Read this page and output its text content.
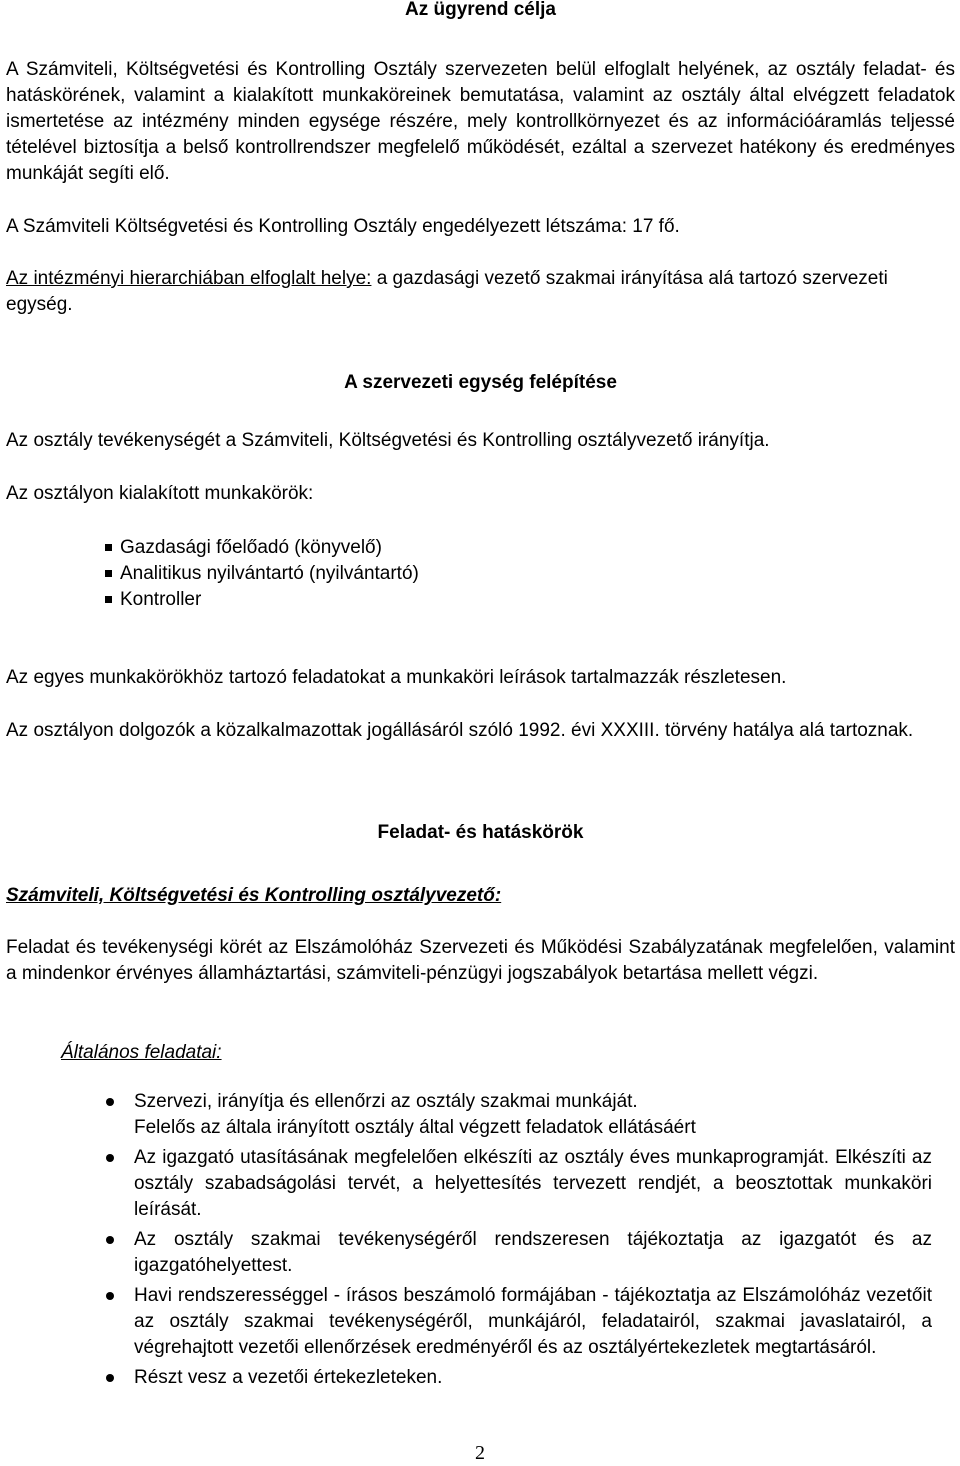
Az ügyrend célja

A Számviteli, Költségvetési és Kontrolling Osztály szervezeten belül elfoglalt helyének, az osztály feladat- és hatáskörének, valamint a kialakított munkaköreinek bemutatása, valamint az osztály által elvégzett feladatok ismertetése az intézmény minden egysége részére, mely kontrollkörnyezet és az információáramlás teljessé tételével biztosítja a belső kontrollrendszer megfelelő működését, ezáltal a szervezet hatékony és eredményes munkáját segíti elő.

A Számviteli Költségvetési és Kontrolling Osztály engedélyezett létszáma: 17 fő.

Az intézményi hierarchiában elfoglalt helye: a gazdasági vezető szakmai irányítása alá tartozó szervezeti egység.

A szervezeti egység felépítése

Az osztály tevékenységét a Számviteli, Költségvetési és Kontrolling osztályvezető irányítja.

Az osztályon kialakított munkakörök:

Gazdasági főelőadó (könyvelő)
Analitikus nyilvántartó (nyilvántartó)
Kontroller

Az egyes munkakörökhöz tartozó feladatokat a munkaköri leírások tartalmazzák részletesen.

Az osztályon dolgozók a közalkalmazottak jogállásáról szóló 1992. évi XXXIII. törvény hatálya alá tartoznak.

Feladat- és hatáskörök

Számviteli, Költségvetési és Kontrolling osztályvezető:

Feladat és tevékenységi körét az Elszámolóház Szervezeti és Működési Szabályzatának megfelelően, valamint a mindenkor érvényes államháztartási, számviteli-pénzügyi jogszabályok betartása mellett végzi.

Általános feladatai:

Szervezi, irányítja és ellenőrzi az osztály szakmai munkáját.
Felelős az általa irányított osztály által végzett feladatok ellátásáért
Az igazgató utasításának megfelelően elkészíti az osztály éves munkaprogramját. Elkészíti az osztály szabadságolási tervét, a helyettesítés tervezett rendjét, a beosztottak munkaköri leírását.
Az osztály szakmai tevékenységéről rendszeresen tájékoztatja az igazgatót és az igazgatóhelyettest.
Havi rendszerességgel - írásos beszámoló formájában - tájékoztatja az Elszámolóház vezetőit az osztály szakmai tevékenységéről, munkájáról, feladatairól, szakmai javaslatairól, a végrehajtott vezetői ellenőrzések eredményéről és az osztályértekezletek megtartásáról.
Részt vesz a vezetői értekezleteken.
2
